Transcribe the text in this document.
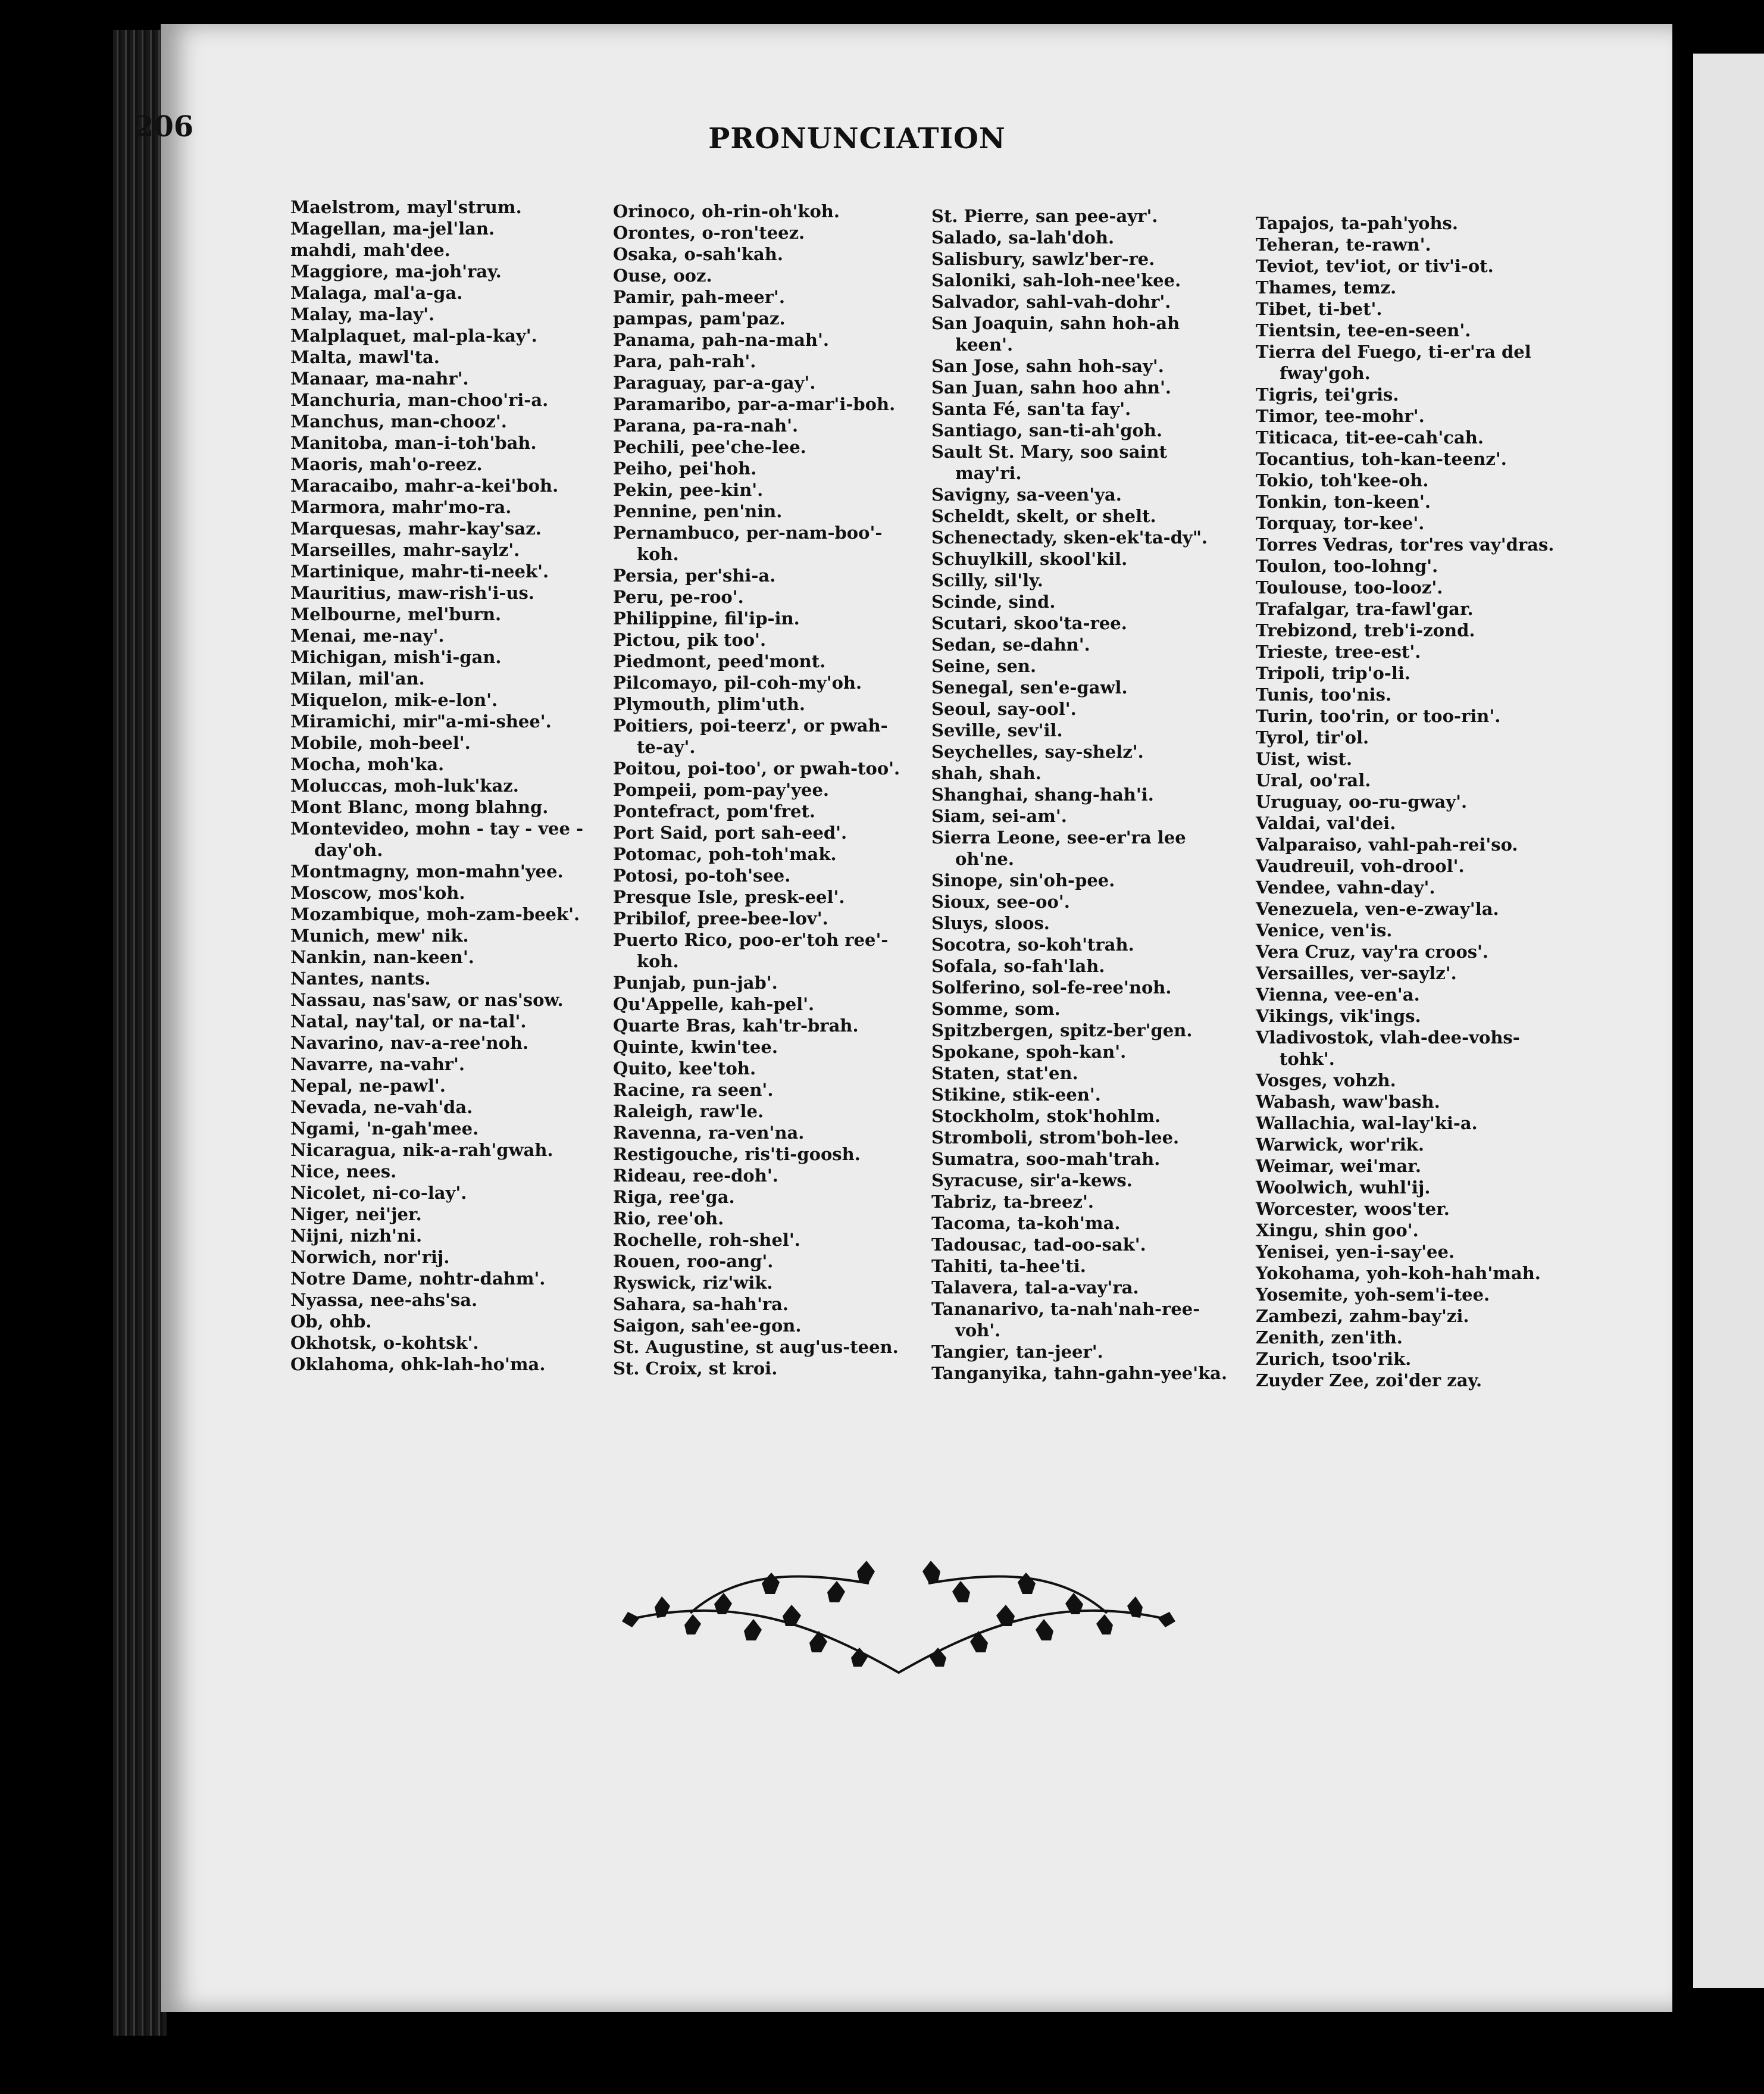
206	PRONUNCIATION
Maelstrom, mayl'strum.
Magellan, ma-jel'lan.
mahdi, mah'dee.
Maggiore, ma-joh'ray.
Malaga, mal'a-ga.
Malay, ma-lay'.
Malplaquet, mal-pla-kay'.
Malta, mawl'ta.
Manaar, ma-nahr'.
Manchuria, man-choo'ri-a.
Manchus, man-chooz'.
Manitoba, man-i-toh'bah.
Maoris, mah'o-reez.
Maracaibo, mahr-a-kei'boh.
Marmora, mahr'mo-ra.
Marquesas, mahr-kay'saz.
Marseilles, mahr-saylz'.
Martinique, mahr-ti-neek'.
Mauritius, maw-rish'i-us.
Melbourne, mel'burn.
Menai, me-nay'.
Michigan, mish'i-gan.
Milan, mil'an.
Miquelon, mik-e-lon'.
Miramichi, mir"a-mi-shee'.
Mobile, moh-beel'.
Mocha, moh'ka.
Moluccas, moh-luk'kaz.
Mont Blanc, mong blahng.
Montevideo, mohn - tay - vee -
day'oh.
Montmagny, mon-mahn'yee.
Moscow, mos'koh.
Mozambique, moh-zam-beek'.
Munich, mew' nik.
Nankin, nan-keen'.
Nantes, nants.
Nassau, nas'saw, or nas'sow.
Natal, nay'tal, or na-tal'.
Navarino, nav-a-ree'noh.
Navarre, na-vahr'.
Nepal, ne-pawl'.
Nevada, ne-vah'da.
Ngami, 'n-gah'mee.
Nicaragua, nik-a-rah'gwah.
Nice, nees.
Nicolet, ni-co-lay'.
Niger, nei'jer.
Nijni, nizh'ni.
Norwich, nor'rij.
Notre Dame, nohtr-dahm'.
Nyassa, nee-ahs'sa.
Ob, ohb.
Okhotsk, o-kohtsk'.
Oklahoma, ohk-lah-ho'ma.
Orinoco, oh-rin-oh'koh.
Orontes, o-ron'teez.
Osaka, o-sah'kah.
Ouse, ooz.
Pamir, pah-meer'.
pampas, pam'paz.
Panama, pah-na-mah'.
Para, pah-rah'.
Paraguay, par-a-gay'.
Paramaribo, par-a-mar'i-boh.
Parana, pa-ra-nah'.
Pechili, pee'che-lee.
Peiho, pei'hoh.
Pekin, pee-kin'.
Pennine, pen'nin.
Pernambuco, per-nam-boo'-
koh.
Persia, per'shi-a.
Peru, pe-roo'.
Philippine, fil'ip-in.
Pictou, pik too'.
Piedmont, peed'mont.
Pilcomayo, pil-coh-my'oh.
Plymouth, plim'uth.
Poitiers, poi-teerz', or pwah-
te-ay'.
Poitou, poi-too', or pwah-too'.
Pompeii, pom-pay'yee.
Pontefract, pom'fret.
Port Said, port sah-eed'.
Potomac, poh-toh'mak.
Potosi, po-toh'see.
Presque Isle, presk-eel'.
Pribilof, pree-bee-lov'.
Puerto Rico, poo-er'toh ree'-
koh.
Punjab, pun-jab'.
Qu'Appelle, kah-pel'.
Quarte Bras, kah'tr-brah.
Quinte, kwin'tee.
Quito, kee'toh.
Racine, ra seen'.
Raleigh, raw'le.
Ravenna, ra-ven'na.
Restigouche, ris'ti-goosh.
Rideau, ree-doh'.
Riga, ree'ga.
Rio, ree'oh.
Rochelle, roh-shel'.
Rouen, roo-ang'.
Ryswick, riz'wik.
Sahara, sa-hah'ra.
Saigon, sah'ee-gon.
St. Augustine, st aug'us-teen.
St. Croix, st kroi.
St. Pierre, san pee-ayr'.
Salado, sa-lah'doh.
Salisbury, sawlz'ber-re.
Saloniki, sah-loh-nee'kee.
Salvador, sahl-vah-dohr'.
San Joaquin, sahn hoh-ah
keen'.
San Jose, sahn hoh-say'.
San Juan, sahn hoo ahn'.
Santa Fé, san'ta fay'.
Santiago, san-ti-ah'goh.
Sault St. Mary, soo saint
may'ri.
Savigny, sa-veen'ya.
Scheldt, skelt, or shelt.
Schenectady, sken-ek'ta-dy".
Schuylkill, skool'kil.
Scilly, sil'ly.
Scinde, sind.
Scutari, skoo'ta-ree.
Sedan, se-dahn'.
Seine, sen.
Senegal, sen'e-gawl.
Seoul, say-ool'.
Seville, sev'il.
Seychelles, say-shelz'.
shah, shah.
Shanghai, shang-hah'i.
Siam, sei-am'.
Sierra Leone, see-er'ra lee
oh'ne.
Sinope, sin'oh-pee.
Sioux, see-oo'.
Sluys, sloos.
Socotra, so-koh'trah.
Sofala, so-fah'lah.
Solferino, sol-fe-ree'noh.
Somme, som.
Spitzbergen, spitz-ber'gen.
Spokane, spoh-kan'.
Staten, stat'en.
Stikine, stik-een'.
Stockholm, stok'hohlm.
Stromboli, strom'boh-lee.
Sumatra, soo-mah'trah.
Syracuse, sir'a-kews.
Tabriz, ta-breez'.
Tacoma, ta-koh'ma.
Tadousac, tad-oo-sak'.
Tahiti, ta-hee'ti.
Talavera, tal-a-vay'ra.
Tananarivo, ta-nah'nah-ree-
voh'.
Tangier, tan-jeer'.
Tanganyika, tahn-gahn-yee'ka.
Tapajos, ta-pah'yohs.
Teheran, te-rawn'.
Teviot, tev'iot, or tiv'i-ot.
Thames, temz.
Tibet, ti-bet'.
Tientsin, tee-en-seen'.
Tierra del Fuego, ti-er'ra del
fway'goh.
Tigris, tei'gris.
Timor, tee-mohr'.
Titicaca, tit-ee-cah'cah.
Tocantius, toh-kan-teenz'.
Tokio, toh'kee-oh.
Tonkin, ton-keen'.
Torquay, tor-kee'.
Torres Vedras, tor'res vay'dras.
Toulon, too-lohng'.
Toulouse, too-looz'.
Trafalgar, tra-fawl'gar.
Trebizond, treb'i-zond.
Trieste, tree-est'.
Tripoli, trip'o-li.
Tunis, too'nis.
Turin, too'rin, or too-rin'.
Tyrol, tir'ol.
Uist, wist.
Ural, oo'ral.
Uruguay, oo-ru-gway'.
Valdai, val'dei.
Valparaiso, vahl-pah-rei'so.
Vaudreuil, voh-drool'.
Vendee, vahn-day'.
Venezuela, ven-e-zway'la.
Venice, ven'is.
Vera Cruz, vay'ra croos'.
Versailles, ver-saylz'.
Vienna, vee-en'a.
Vikings, vik'ings.
Vladivostok, vlah-dee-vohs-
tohk'.
Vosges, vohzh.
Wabash, waw'bash.
Wallachia, wal-lay'ki-a.
Warwick, wor'rik.
Weimar, wei'mar.
Woolwich, wuhl'ij.
Worcester, woos'ter.
Xingu, shin goo'.
Yenisei, yen-i-say'ee.
Yokohama, yoh-koh-hah'mah.
Yosemite, yoh-sem'i-tee.
Zambezi, zahm-bay'zi.
Zenith, zen'ith.
Zurich, tsoo'rik.
Zuyder Zee, zoi'der zay.
